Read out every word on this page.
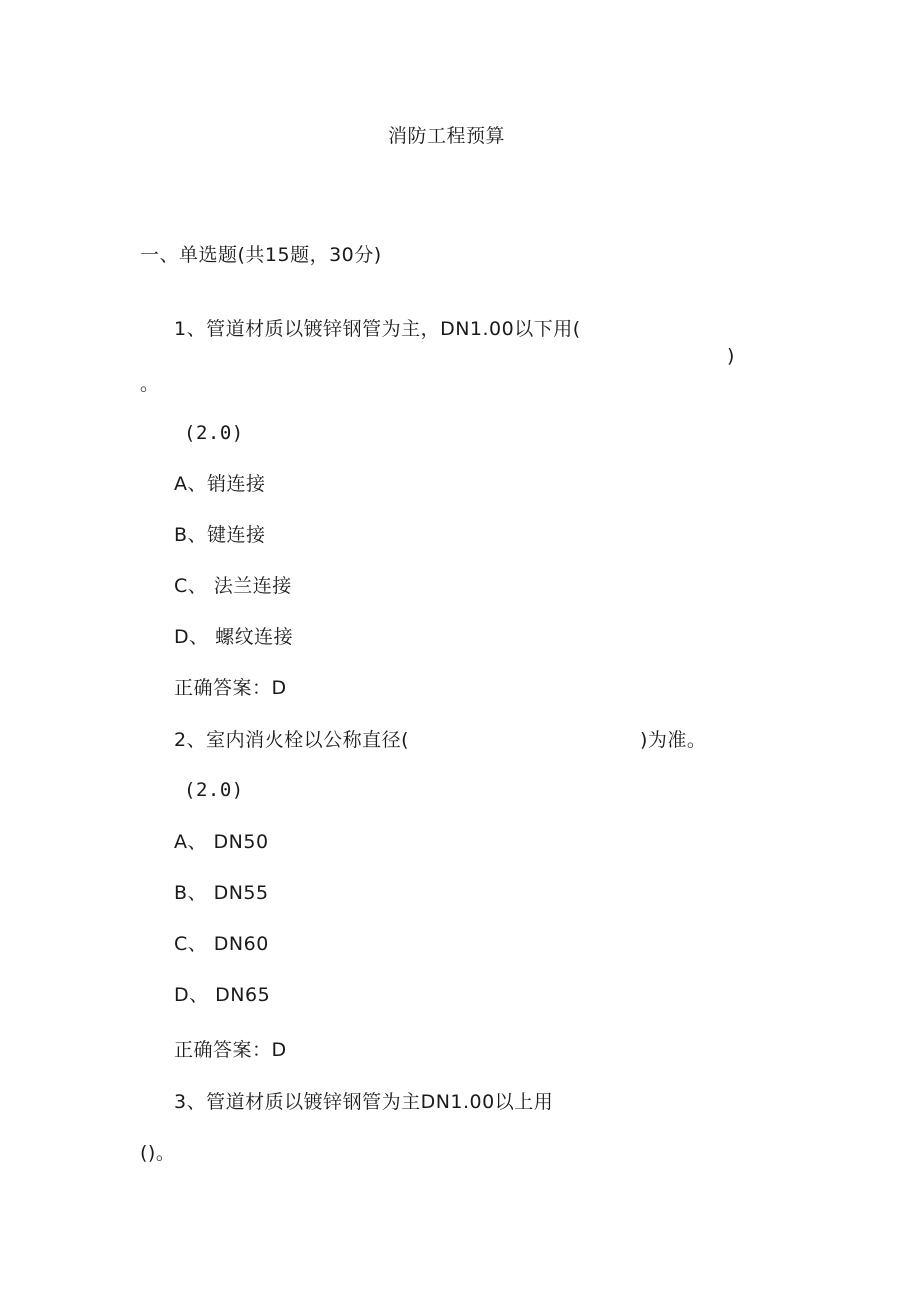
消防工程预算
一、单选题(共15题，30分)
1、管道材质以镀锌钢管为主，DN1.00以下用(
)
。
(2.0)
A、销连接
B、键连接
C、 法兰连接
D、 螺纹连接
正确答案：D
2、室内消火栓以公称直径(	)为准。
(2.0)
A、 DN50
B、 DN55
C、 DN60
D、 DN65
正确答案：D
3、管道材质以镀锌钢管为主DN1.00以上用
()。
